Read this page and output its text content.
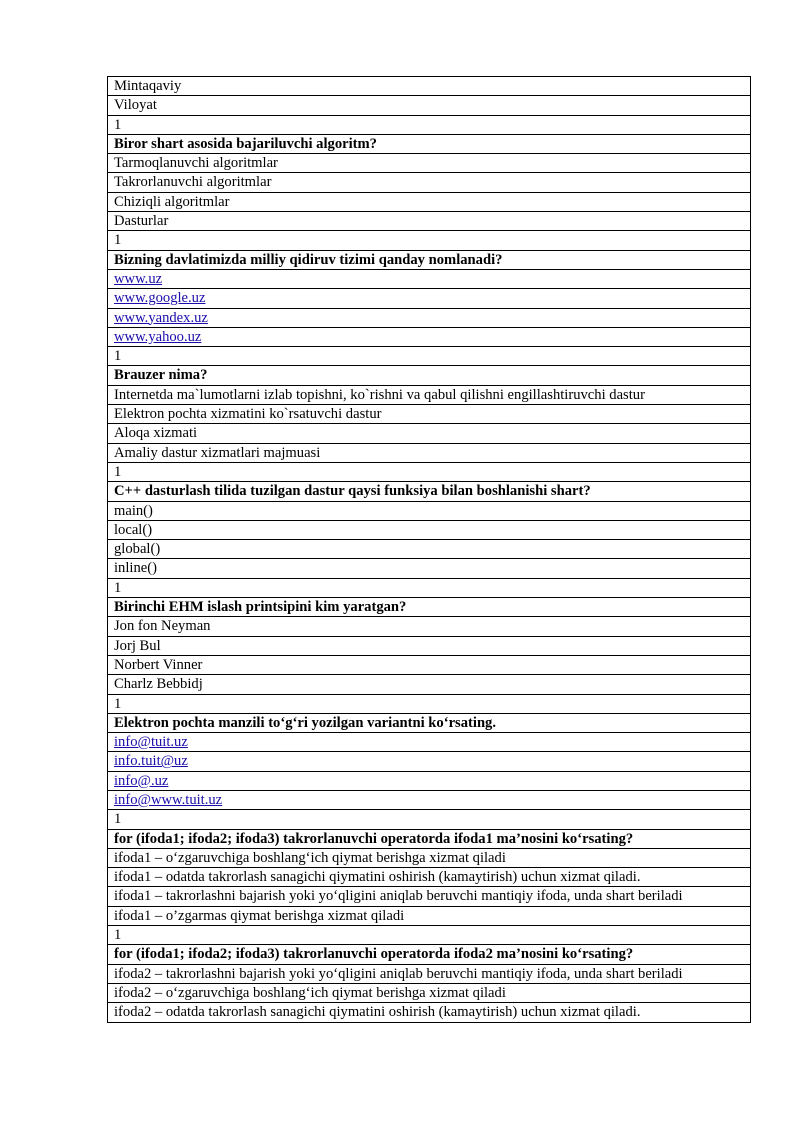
Mintaqaviy
Viloyat
1
Biror shart asosida bajariluvchi algoritm?
Tarmoqlanuvchi algoritmlar
Takrorlanuvchi algoritmlar
Chiziqli algoritmlar
Dasturlar
1
Bizning davlatimizda milliy qidiruv tizimi qanday nomlanadi?
www.uz
www.google.uz
www.yandex.uz
www.yahoo.uz
1
Brauzer nima?
Internetda ma`lumotlarni izlab topishni, ko`rishni va qabul qilishni engillashtiruvchi dastur
Elektron pochta xizmatini ko`rsatuvchi dastur
Aloqa xizmati
Amaliy dastur xizmatlari majmuasi
1
C++ dasturlash tilida tuzilgan dastur qaysi funksiya bilan boshlanishi shart?
main()
local()
global()
inline()
1
Birinchi EHM islash printsipini kim yaratgan?
Jon fon Neyman
Jorj Bul
Norbert Vinner
Charlz Bebbidj
1
Elektron pochta manzili to‘g‘ri yozilgan variantni ko‘rsating.
info@tuit.uz
info.tuit@uz
info@.uz
info@www.tuit.uz
1
for (ifoda1; ifoda2; ifoda3) takrorlanuvchi operatorda ifoda1 ma’nosini ko‘rsating?
ifoda1 – o‘zgaruvchiga boshlang‘ich qiymat berishga xizmat qiladi
ifoda1 – odatda takrorlash sanagichi qiymatini oshirish (kamaytirish) uchun xizmat qiladi.
ifoda1 – takrorlashni bajarish yoki yo‘qligini aniqlab beruvchi mantiqiy ifoda, unda shart beriladi
ifoda1 – o’zgarmas qiymat berishga xizmat qiladi
1
for (ifoda1; ifoda2; ifoda3) takrorlanuvchi operatorda ifoda2 ma’nosini ko‘rsating?
ifoda2 – takrorlashni bajarish yoki yo‘qligini aniqlab beruvchi mantiqiy ifoda, unda shart beriladi
ifoda2 – o‘zgaruvchiga boshlang‘ich qiymat berishga xizmat qiladi
ifoda2 – odatda takrorlash sanagichi qiymatini oshirish (kamaytirish) uchun xizmat qiladi.
